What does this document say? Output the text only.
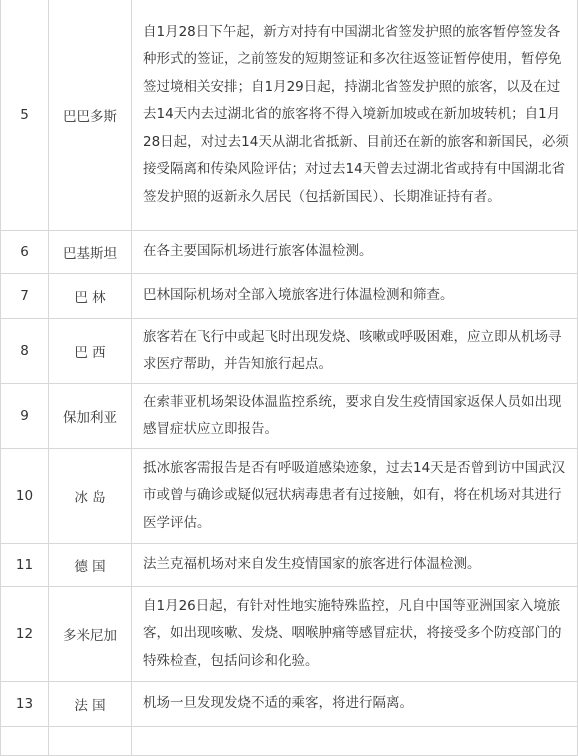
5	巴巴多斯	自1月28日下午起，新方对持有中国湖北省签发护照的旅客暂停签发各种形式的签证，之前签发的短期签证和多次往返签证暂停使用，暂停免签过境相关安排；自1月29日起，持湖北省签发护照的旅客，以及在过去14天内去过湖北省的旅客将不得入境新加坡或在新加坡转机；自1月28日起，对过去14天从湖北省抵新、目前还在新的旅客和新国民，必须接受隔离和传染风险评估；对过去14天曾去过湖北省或持有中国湖北省签发护照的返新永久居民（包括新国民）、长期准证持有者。
6	巴基斯坦	在各主要国际机场进行旅客体温检测。
7	巴 林	巴林国际机场对全部入境旅客进行体温检测和筛查。
8	巴 西	旅客若在飞行中或起飞时出现发烧、咳嗽或呼吸困难，应立即从机场寻求医疗帮助，并告知旅行起点。
9	保加利亚	在索菲亚机场架设体温监控系统，要求自发生疫情国家返保人员如出现感冒症状应立即报告。
10	冰 岛	抵冰旅客需报告是否有呼吸道感染迹象，过去14天是否曾到访中国武汉市或曾与确诊或疑似冠状病毒患者有过接触，如有，将在机场对其进行医学评估。
11	德 国	法兰克福机场对来自发生疫情国家的旅客进行体温检测。
12	多米尼加	自1月26日起，有针对性地实施特殊监控，凡自中国等亚洲国家入境旅客，如出现咳嗽、发烧、咽喉肿痛等感冒症状，将接受多个防疫部门的特殊检查，包括问诊和化验。
13	法 国	机场一旦发现发烧不适的乘客，将进行隔离。
